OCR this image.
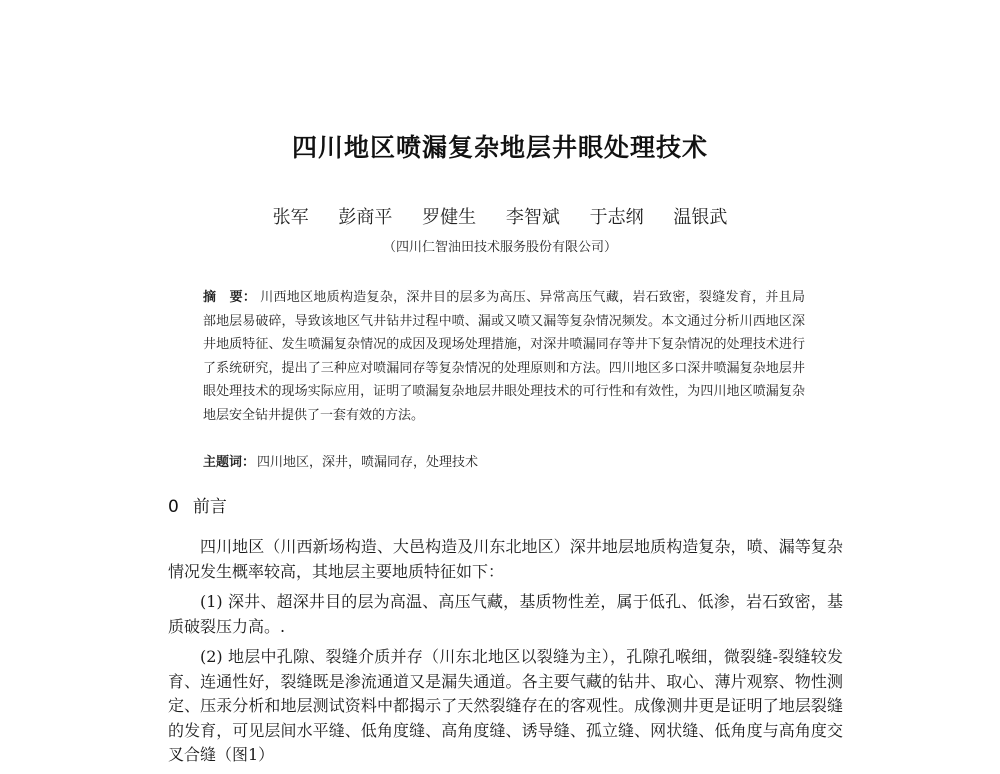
四川地区喷漏复杂地层井眼处理技术
张军 彭商平 罗健生 李智斌 于志纲 温银武
（四川仁智油田技术服务股份有限公司）
摘　要： 川西地区地质构造复杂，深井目的层多为高压、异常高压气藏，岩石致密，裂缝发育，并且局部地层易破碎，导致该地区气井钻井过程中喷、漏或又喷又漏等复杂情况频发。本文通过分析川西地区深井地质特征、发生喷漏复杂情况的成因及现场处理措施，对深井喷漏同存等井下复杂情况的处理技术进行了系统研究，提出了三种应对喷漏同存等复杂情况的处理原则和方法。四川地区多口深井喷漏复杂地层井眼处理技术的现场实际应用，证明了喷漏复杂地层井眼处理技术的可行性和有效性，为四川地区喷漏复杂地层安全钻井提供了一套有效的方法。
主题词： 四川地区，深井，喷漏同存，处理技术
0 前言

四川地区（川西新场构造、大邑构造及川东北地区）深井地层地质构造复杂，喷、漏等复杂情况发生概率较高，其地层主要地质特征如下：

(1) 深井、超深井目的层为高温、高压气藏，基质物性差，属于低孔、低渗，岩石致密，基质破裂压力高。.

(2) 地层中孔隙、裂缝介质并存（川东北地区以裂缝为主），孔隙孔喉细，微裂缝-裂缝较发育、连通性好，裂缝既是渗流通道又是漏失通道。各主要气藏的钻井、取心、薄片观察、物性测定、压汞分析和地层测试资料中都揭示了天然裂缝存在的客观性。成像测井更是证明了地层裂缝的发育，可见层间水平缝、低角度缝、高角度缝、诱导缝、孤立缝、网状缝、低角度与高角度交叉合缝（图1）
